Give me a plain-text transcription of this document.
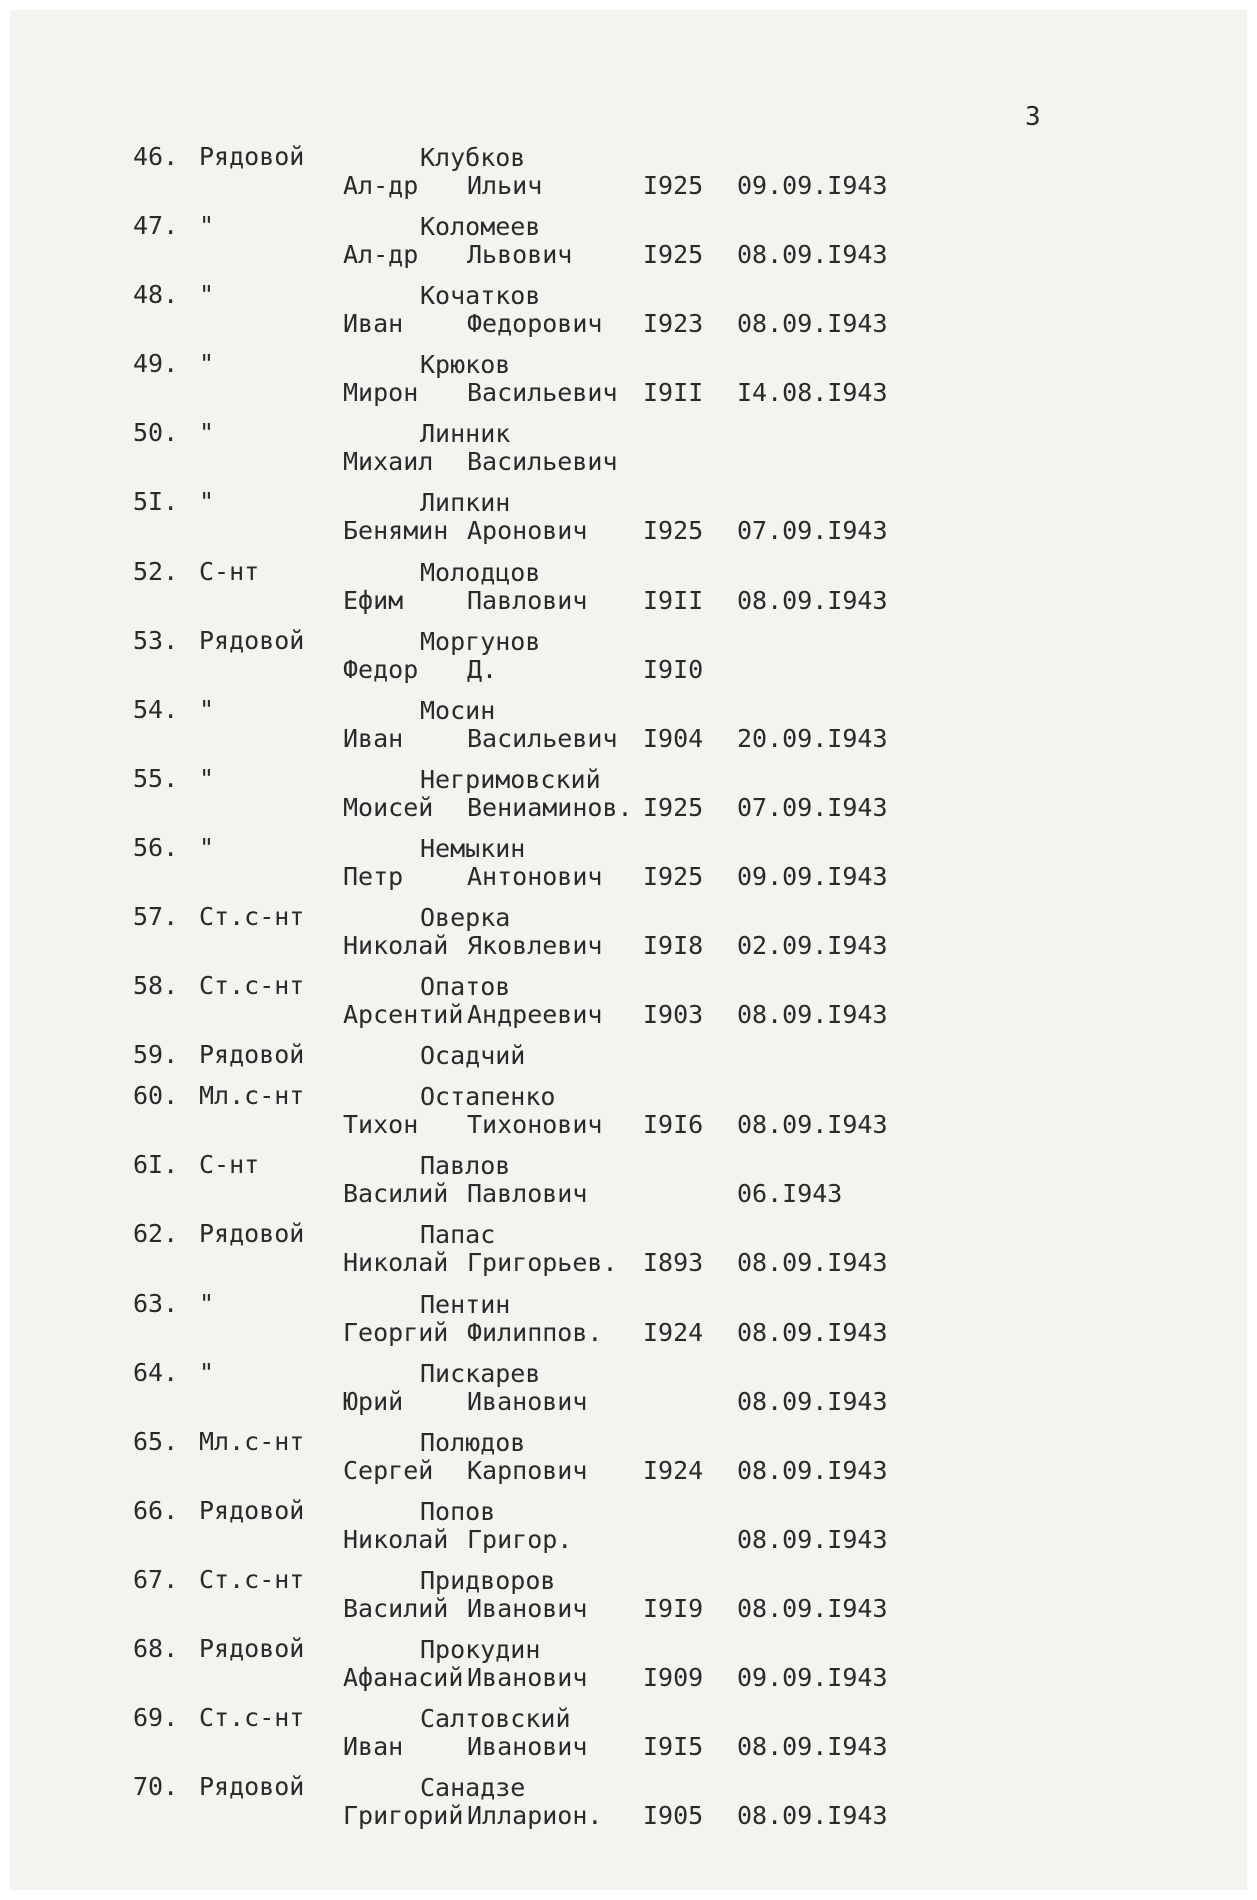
3
46. Рядовой	Клубков
Ал-др Ильич	I925 09.09.I943
47. "	Коломеев
Ал-др Львович	I925 08.09.I943
48. "	Кочатков
Иван	Федорович I923 08.09.I943
49. "	Крюков
Мирон Васильевич I9II I4.08.I943
50. "	Линник
Михаил Васильевич
5I. "	Липкин
Бенямин Аронович I925 07.09.I943
52. С-нт	Молодцов
Ефим	Павлович I9II 08.09.I943
53. Рядовой	Моргунов
Федор Д.	I9I0
54. "	Мосин
Иван	Васильевич I904 20.09.I943
55. "	Негримовский
Моисей Вениаминов. I925 07.09.I943
56. "	Немыкин
Петр	Антонович I925 09.09.I943
57. Ст.с-нт	Оверка
Николай Яковлевич I9I8 02.09.I943
58. Ст.с-нт	Опатов
Арсентий Андреевич I903 08.09.I943
59. Рядовой	Осадчий
60. Мл.с-нт	Остапенко
Тихон Тихонович I9I6 08.09.I943
6I. С-нт	Павлов
Василий Павлович	06.I943
62. Рядовой	Папас
Николай Григорьев. I893 08.09.I943
63. "	Пентин
Георгий Филиппов. I924 08.09.I943
64. "	Пискарев
Юрий	Иванович	08.09.I943
65. Мл.с-нт	Полюдов
Сергей Карпович I924 08.09.I943
66. Рядовой	Попов
Николай Григор.	08.09.I943
67. Ст.с-нт	Придворов
Василий Иванович I9I9 08.09.I943
68. Рядовой	Прокудин
Афанасий Иванович I909 09.09.I943
69. Ст.с-нт	Салтовский
Иван	Иванович I9I5 08.09.I943
70. Рядовой	Санадзе
Григорий Илларион. I905 08.09.I943
